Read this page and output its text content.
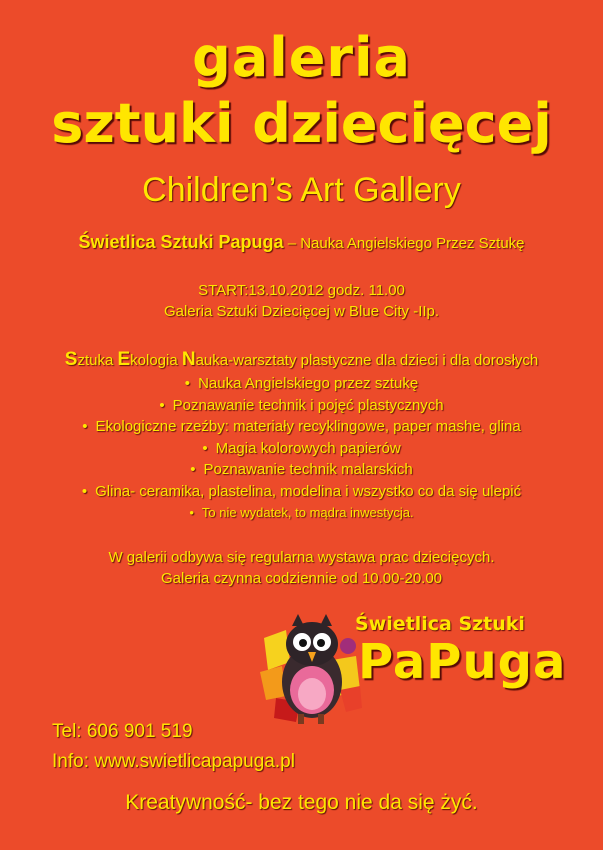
galeria
sztuki dziecięcej
Children’s Art Gallery
Świetlica Sztuki Papuga – Nauka Angielskiego Przez Sztukę
START:13.10.2012 godz. 11.00
Galeria Sztuki Dziecięcej w Blue City -IIp.
Sztuka Ekologia Nauka-warsztaty plastyczne dla dzieci i dla dorosłych
• Nauka Angielskiego przez sztukę
• Poznawanie technik i pojęć plastycznych
• Ekologiczne rzeźby: materiały recyklingowe, paper mashe, glina
• Magia kolorowych papierów
• Poznawanie technik malarskich
• Glina- ceramika, plastelina, modelina i wszystko co da się ulepić
• To nie wydatek, to mądra inwestycja.
W galerii odbywa się regularna wystawa prac dziecięcych.
Galeria czynna codziennie od 10.00-20.00
Świetlica Sztuki
PaPuga
Tel: 606 901 519
Info: www.swietlicapapuga.pl
Kreatywność- bez tego nie da się żyć.
